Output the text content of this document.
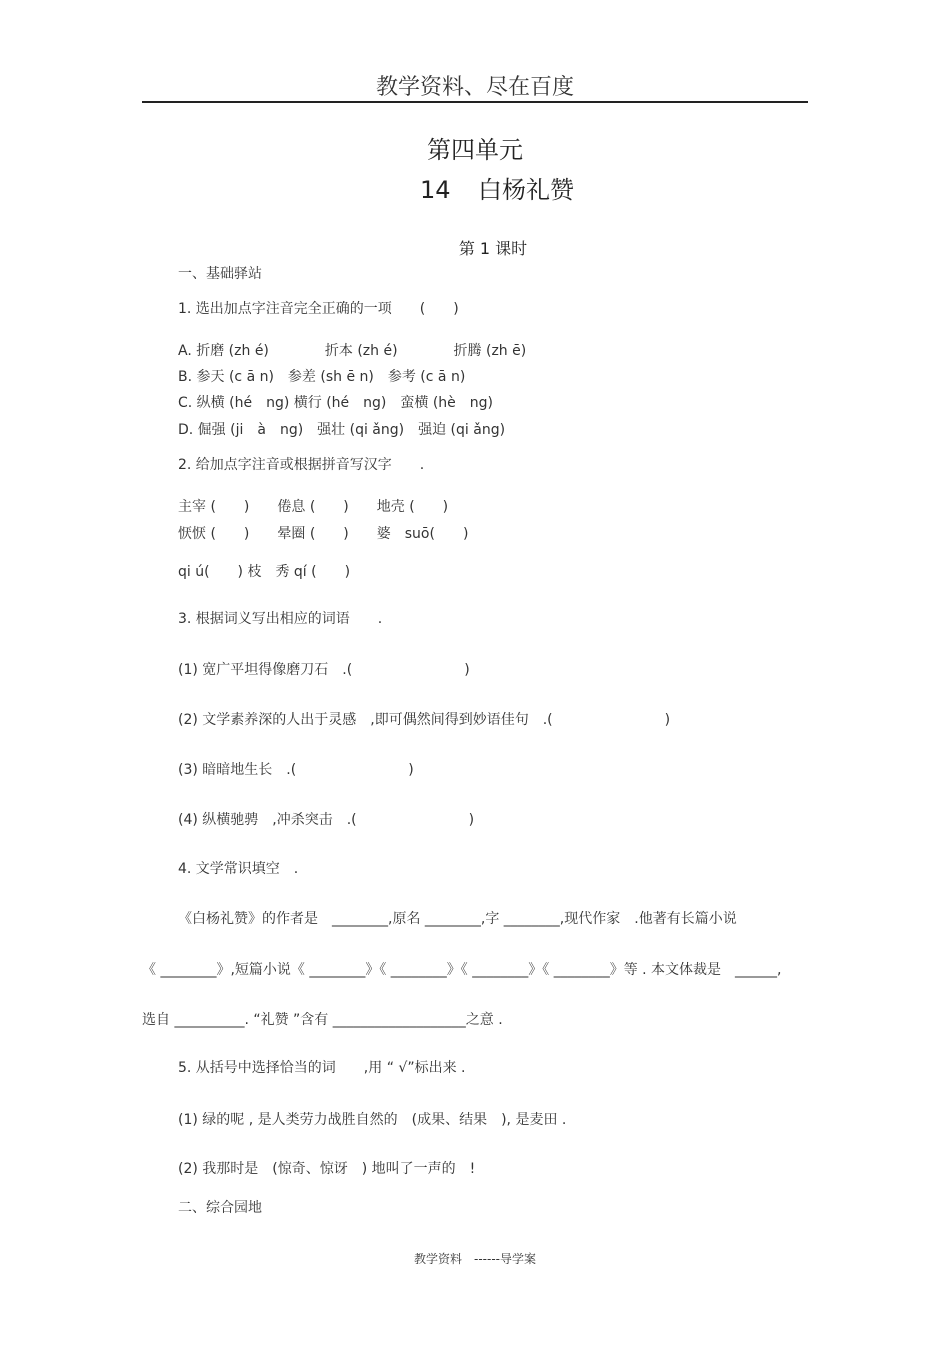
教学资料、尽在百度
第四单元
14 白杨礼赞
第 1 课时
一、基础驿站
1. 选出加点字注音完全正确的一项　　(　　)
A. 折磨 (zh é)　　　　折本 (zh é)　　　　折腾 (zh ē)
B. 参天 (c ā n)　参差 (sh ē n)　参考 (c ā n)
C. 纵横 (hé　ng) 横行 (hé　ng)　蛮横 (hè　ng)
D. 倔强 (ji　à　ng)　强壮 (qi ǎng)　强迫 (qi ǎng)
2. 给加点字注音或根据拼音写汉字　　.
主宰 (　　)　　倦息 (　　)　　地壳 (　　)
恹恹 (　　)　　晕圈 (　　)　　婆　suō(　　)
qi ú(　　) 枝　秀 qí (　　)
3. 根据词义写出相应的词语　　.
(1) 宽广平坦得像磨刀石　.(　　　　　　　　)
(2) 文学素养深的人出于灵感　,即可偶然间得到妙语佳句　.(　　　　　　　　)
(3) 暗暗地生长　.(　　　　　　　　)
(4) 纵横驰骋　,冲杀突击　.(　　　　　　　　)
4. 文学常识填空　.
《白杨礼赞》的作者是　________,原名 ________,字 ________,现代作家　.他著有长篇小说
《 ________》,短篇小说《 ________》《 ________》《 ________》《 ________》等 . 本文体裁是　______,
选自 __________. “礼赞 ”含有 ___________________之意 .
5. 从括号中选择恰当的词　　,用 “ √”标出来 .
(1) 绿的呢 , 是人类劳力战胜自然的　(成果、结果　), 是麦田 .
(2) 我那时是　(惊奇、惊讶　) 地叫了一声的　!
二、综合园地
教学资料　------导学案
